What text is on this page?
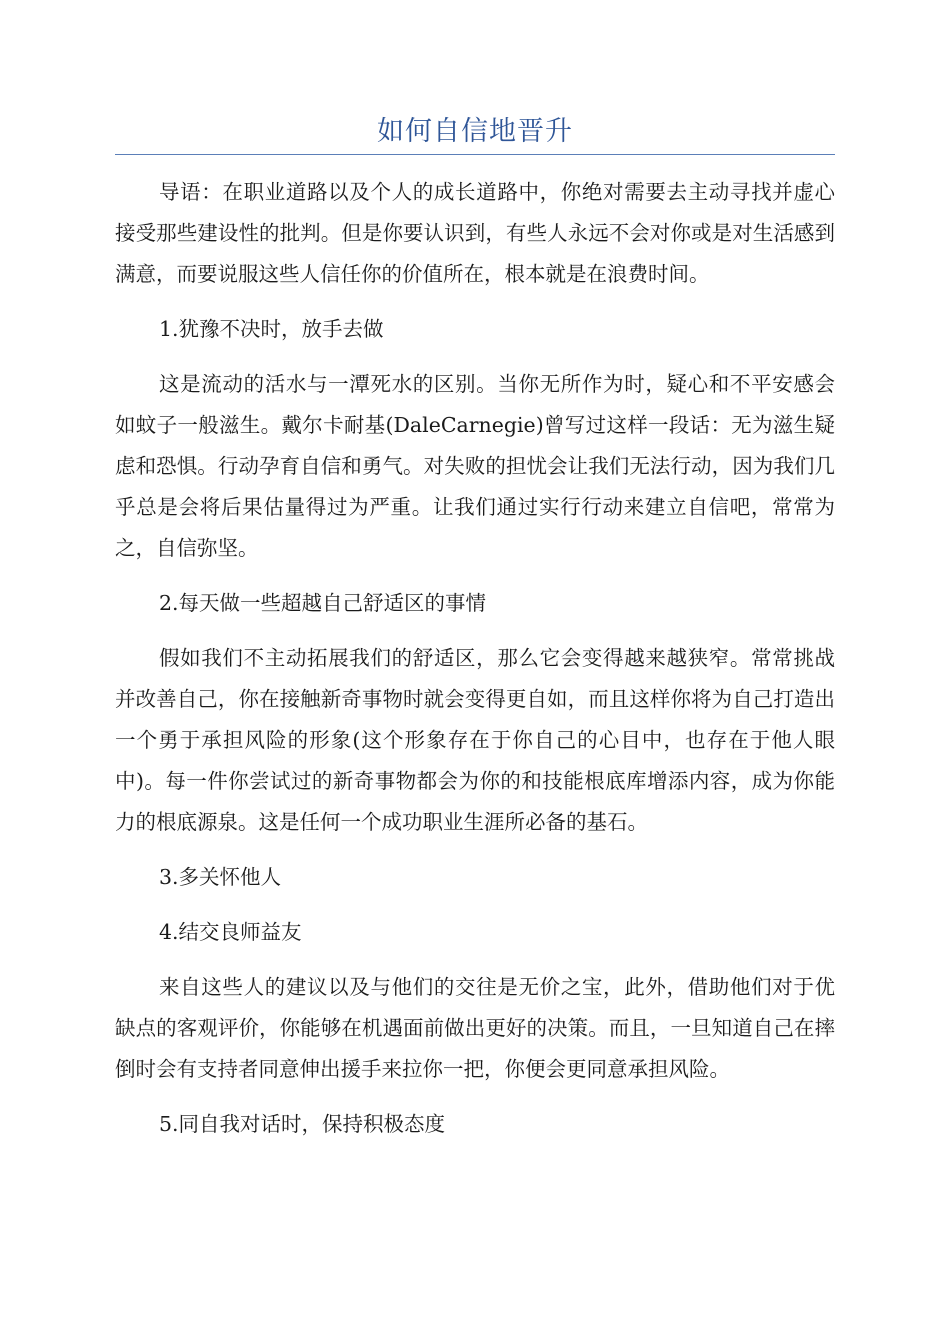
如何自信地晋升

导语：在职业道路以及个人的成长道路中，你绝对需要去主动寻找并虚心接受那些建设性的批判。但是你要认识到，有些人永远不会对你或是对生活感到满意，而要说服这些人信任你的价值所在，根本就是在浪费时间。

1.犹豫不决时，放手去做

这是流动的活水与一潭死水的区别。当你无所作为时，疑心和不平安感会如蚊子一般滋生。戴尔卡耐基(DaleCarnegie)曾写过这样一段话：无为滋生疑虑和恐惧。行动孕育自信和勇气。对失败的担忧会让我们无法行动，因为我们几乎总是会将后果估量得过为严重。让我们通过实行行动来建立自信吧，常常为之，自信弥坚。

2.每天做一些超越自己舒适区的事情

假如我们不主动拓展我们的舒适区，那么它会变得越来越狭窄。常常挑战并改善自己，你在接触新奇事物时就会变得更自如，而且这样你将为自己打造出一个勇于承担风险的形象(这个形象存在于你自己的心目中，也存在于他人眼中)。每一件你尝试过的新奇事物都会为你的和技能根底库增添内容，成为你能力的根底源泉。这是任何一个成功职业生涯所必备的基石。

3.多关怀他人

4.结交良师益友

来自这些人的建议以及与他们的交往是无价之宝，此外，借助他们对于优缺点的客观评价，你能够在机遇面前做出更好的决策。而且，一旦知道自己在摔倒时会有支持者同意伸出援手来拉你一把，你便会更同意承担风险。

5.同自我对话时，保持积极态度
